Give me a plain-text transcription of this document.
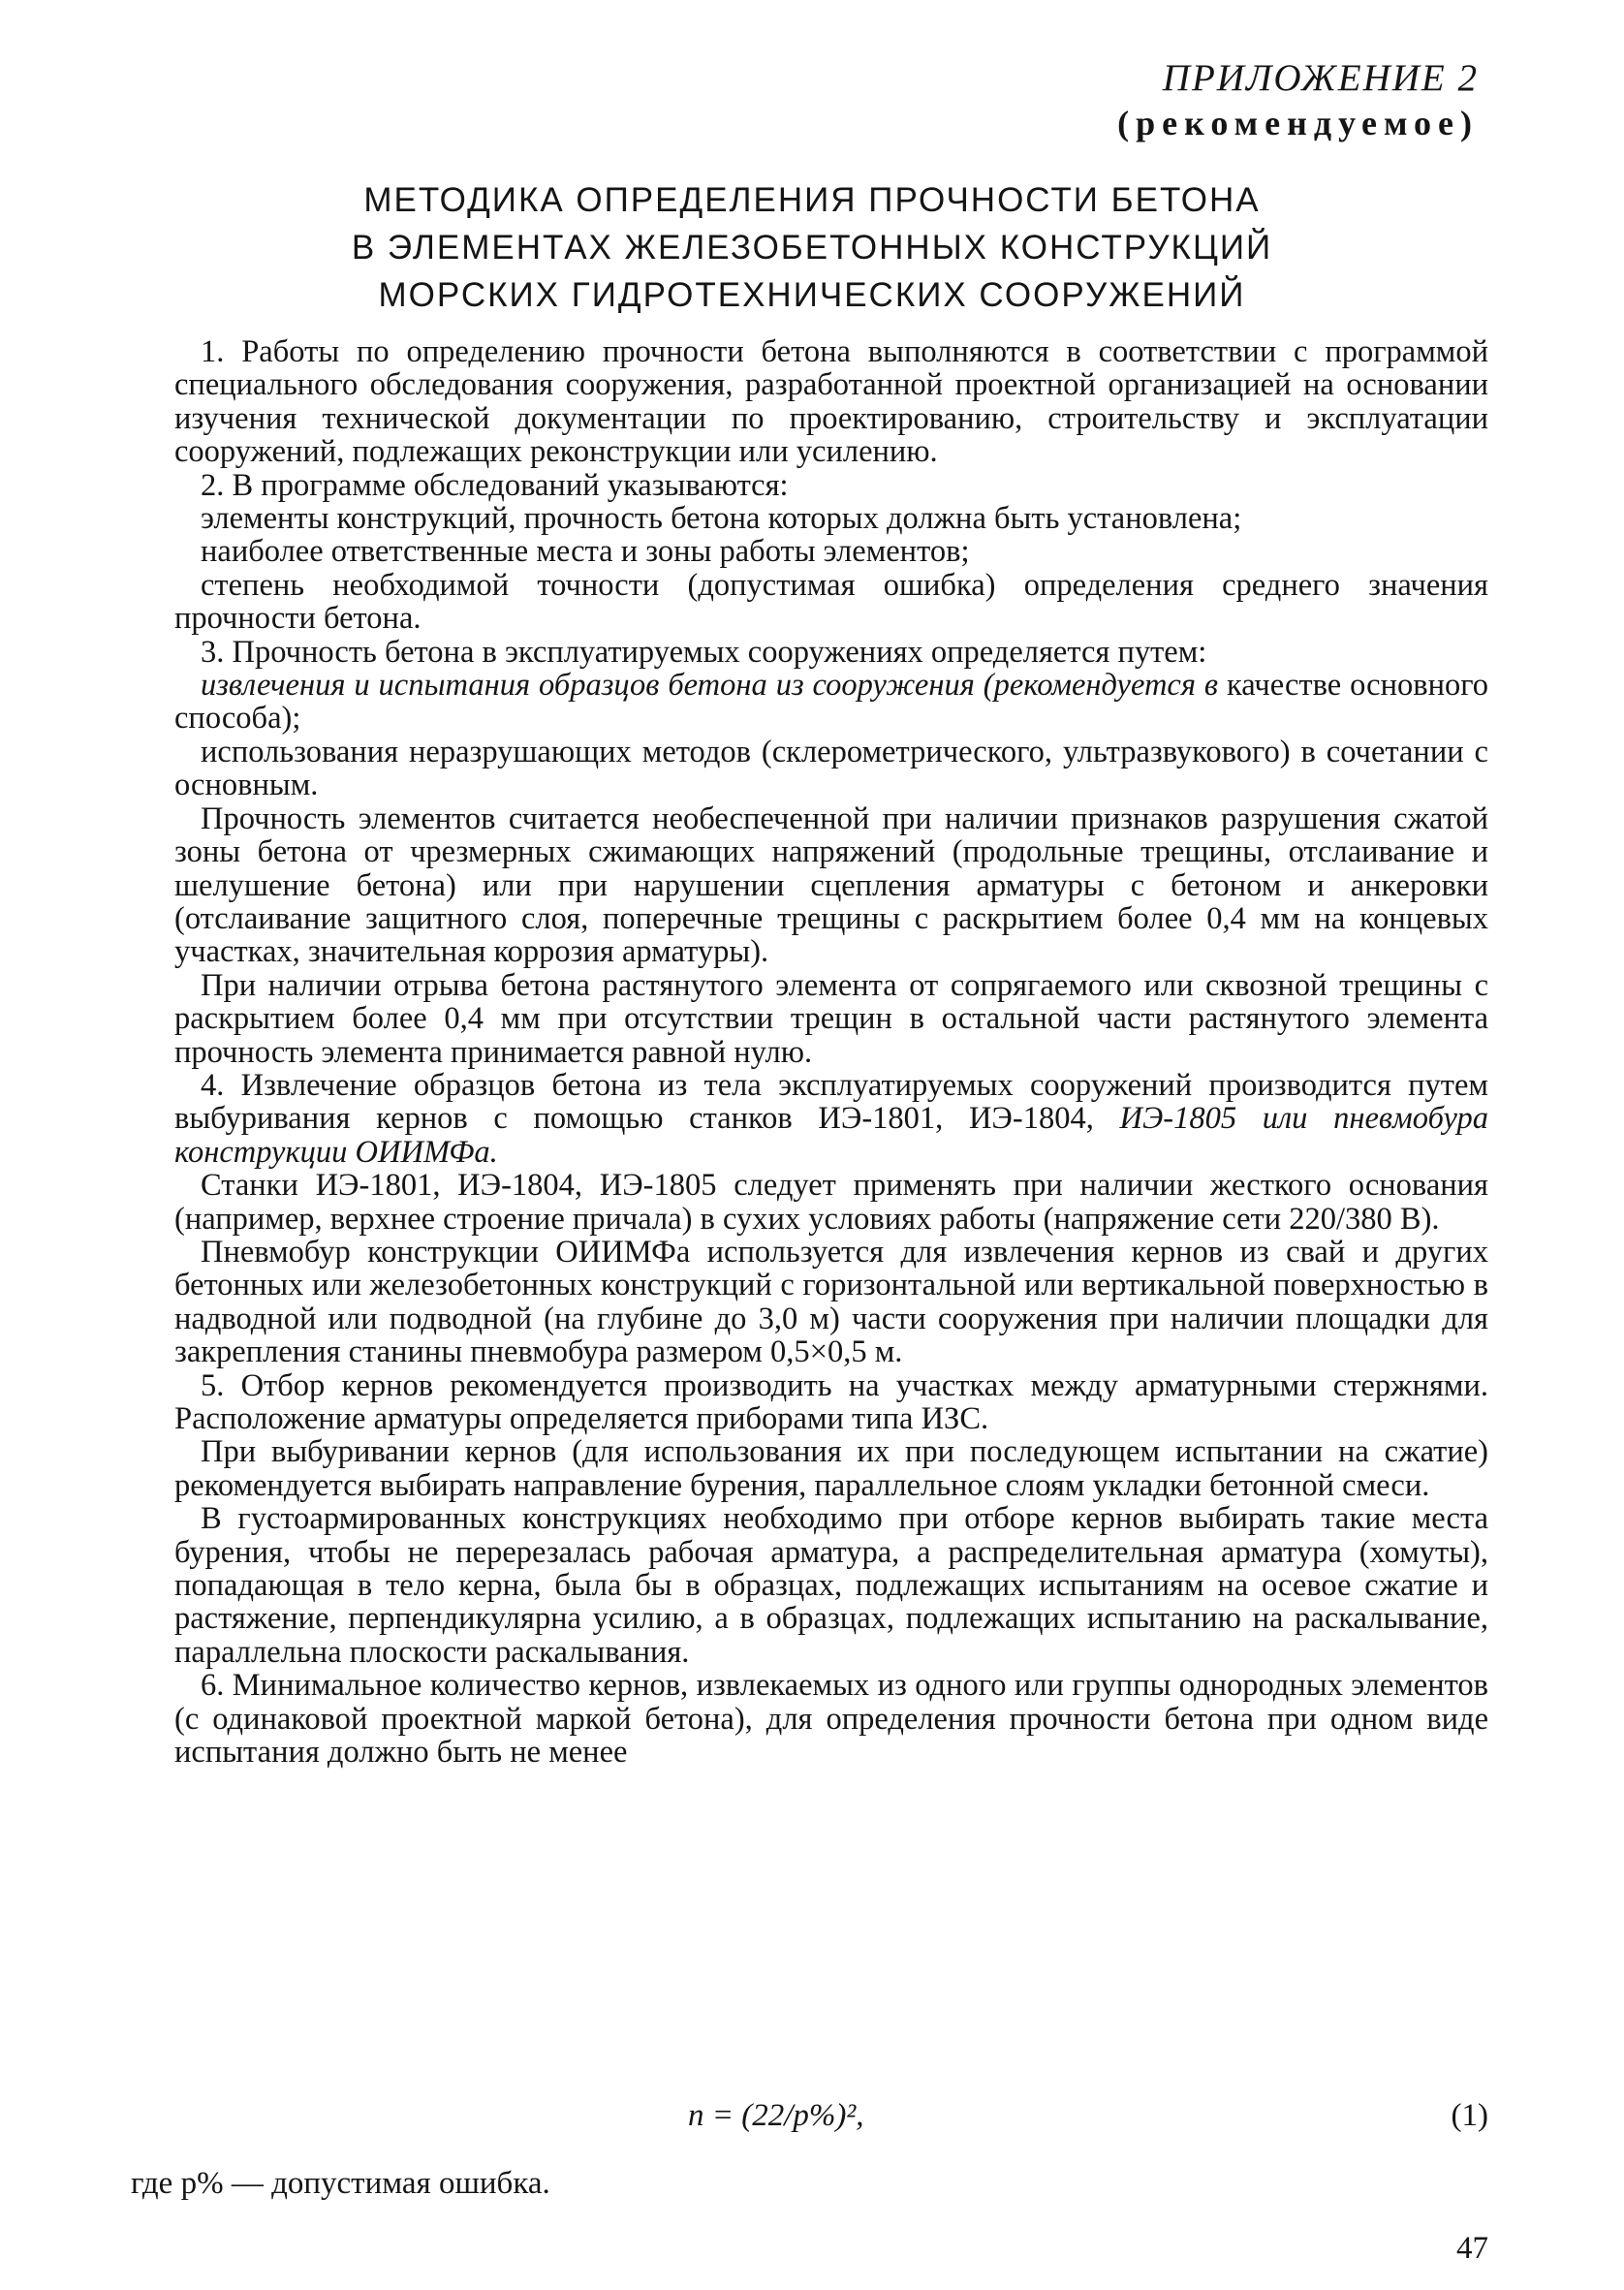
ПРИЛОЖЕНИЕ 2
(рекомендуемое)
МЕТОДИКА ОПРЕДЕЛЕНИЯ ПРОЧНОСТИ БЕТОНА
В ЭЛЕМЕНТАХ ЖЕЛЕЗОБЕТОННЫХ КОНСТРУКЦИЙ
МОРСКИХ ГИДРОТЕХНИЧЕСКИХ СООРУЖЕНИЙ

1. Работы по определению прочности бетона выполняются в соответствии с программой специального обследования сооружения, разработанной проектной организацией на основании изучения технической документации по проектированию, строительству и эксплуатации сооружений, подлежащих реконструкции или усилению.

2. В программе обследований указываются:

элементы конструкций, прочность бетона которых должна быть установлена;

наиболее ответственные места и зоны работы элементов;

степень необходимой точности (допустимая ошибка) определения среднего значения прочности бетона.

3. Прочность бетона в эксплуатируемых сооружениях определяется путем:

извлечения и испытания образцов бетона из сооружения (рекомендуется в качестве основного способа);

использования неразрушающих методов (склерометрического, ультразвукового) в сочетании с основным.

Прочность элементов считается необеспеченной при наличии признаков разрушения сжатой зоны бетона от чрезмерных сжимающих напряжений (продольные трещины, отслаивание и шелушение бетона) или при нарушении сцепления арматуры с бетоном и анкеровки (отслаивание защитного слоя, поперечные трещины с раскрытием более 0,4 мм на концевых участках, значительная коррозия арматуры).

При наличии отрыва бетона растянутого элемента от сопрягаемого или сквозной трещины с раскрытием более 0,4 мм при отсутствии трещин в остальной части растянутого элемента прочность элемента принимается равной нулю.

4. Извлечение образцов бетона из тела эксплуатируемых сооружений производится путем выбуривания кернов с помощью станков ИЭ-1801, ИЭ-1804, ИЭ-1805 или пневмобура конструкции ОИИМФа.

Станки ИЭ-1801, ИЭ-1804, ИЭ-1805 следует применять при наличии жесткого основания (например, верхнее строение причала) в сухих условиях работы (напряжение сети 220/380 В).

Пневмобур конструкции ОИИМФа используется для извлечения кернов из свай и других бетонных или железобетонных конструкций с горизонтальной или вертикальной поверхностью в надводной или подводной (на глубине до 3,0 м) части сооружения при наличии площадки для закрепления станины пневмобура размером 0,5×0,5 м.

5. Отбор кернов рекомендуется производить на участках между арматурными стержнями. Расположение арматуры определяется приборами типа ИЗС.

При выбуривании кернов (для использования их при последующем испытании на сжатие) рекомендуется выбирать направление бурения, параллельное слоям укладки бетонной смеси.

В густоармированных конструкциях необходимо при отборе кернов выбирать такие места бурения, чтобы не перерезалась рабочая арматура, а распределительная арматура (хомуты), попадающая в тело керна, была бы в образцах, подлежащих испытаниям на осевое сжатие и растяжение, перпендикулярна усилию, а в образцах, подлежащих испытанию на раскалывание, параллельна плоскости раскалывания.

6. Минимальное количество кернов, извлекаемых из одного или группы однородных элементов (с одинаковой проектной маркой бетона), для определения прочности бетона при одном виде испытания должно быть не менее

n = (22/p%)²,	(1)
где p% — допустимая ошибка.
47
